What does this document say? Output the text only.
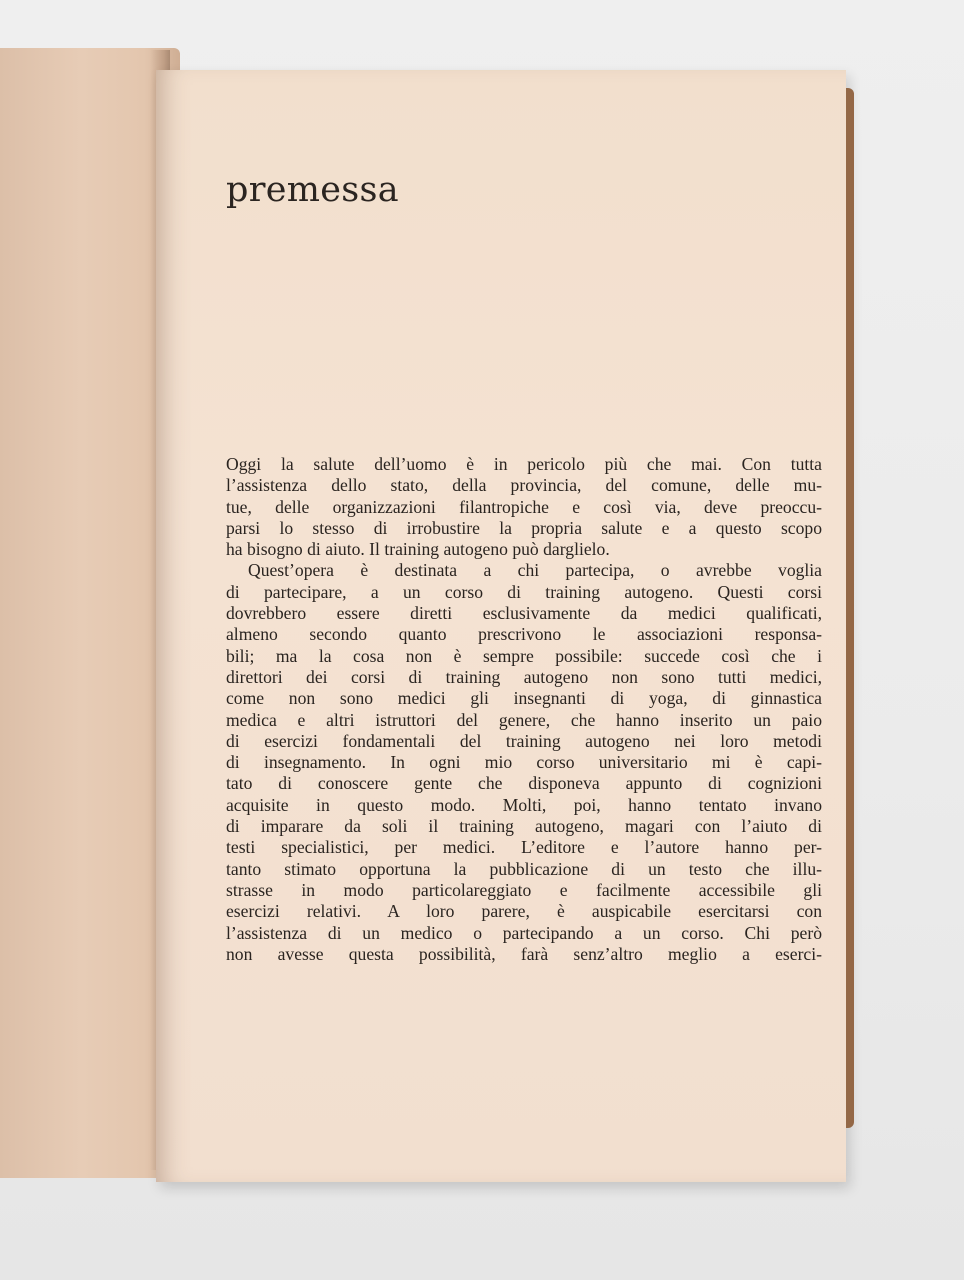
premessa
Oggi la salute dell’uomo è in pericolo più che mai. Con tutta
l’assistenza dello stato, della provincia, del comune, delle mu-
tue, delle organizzazioni filantropiche e così via, deve preoccu-
parsi lo stesso di irrobustire la propria salute e a questo scopo
ha bisogno di aiuto. Il training autogeno può darglielo.
Quest’opera è destinata a chi partecipa, o avrebbe voglia
di partecipare, a un corso di training autogeno. Questi corsi
dovrebbero essere diretti esclusivamente da medici qualificati,
almeno secondo quanto prescrivono le associazioni responsa-
bili; ma la cosa non è sempre possibile: succede così che i
direttori dei corsi di training autogeno non sono tutti medici,
come non sono medici gli insegnanti di yoga, di ginnastica
medica e altri istruttori del genere, che hanno inserito un paio
di esercizi fondamentali del training autogeno nei loro metodi
di insegnamento. In ogni mio corso universitario mi è capi-
tato di conoscere gente che disponeva appunto di cognizioni
acquisite in questo modo. Molti, poi, hanno tentato invano
di imparare da soli il training autogeno, magari con l’aiuto di
testi specialistici, per medici. L’editore e l’autore hanno per-
tanto stimato opportuna la pubblicazione di un testo che illu-
strasse in modo particolareggiato e facilmente accessibile gli
esercizi relativi. A loro parere, è auspicabile esercitarsi con
l’assistenza di un medico o partecipando a un corso. Chi però
non avesse questa possibilità, farà senz’altro meglio a eserci-
